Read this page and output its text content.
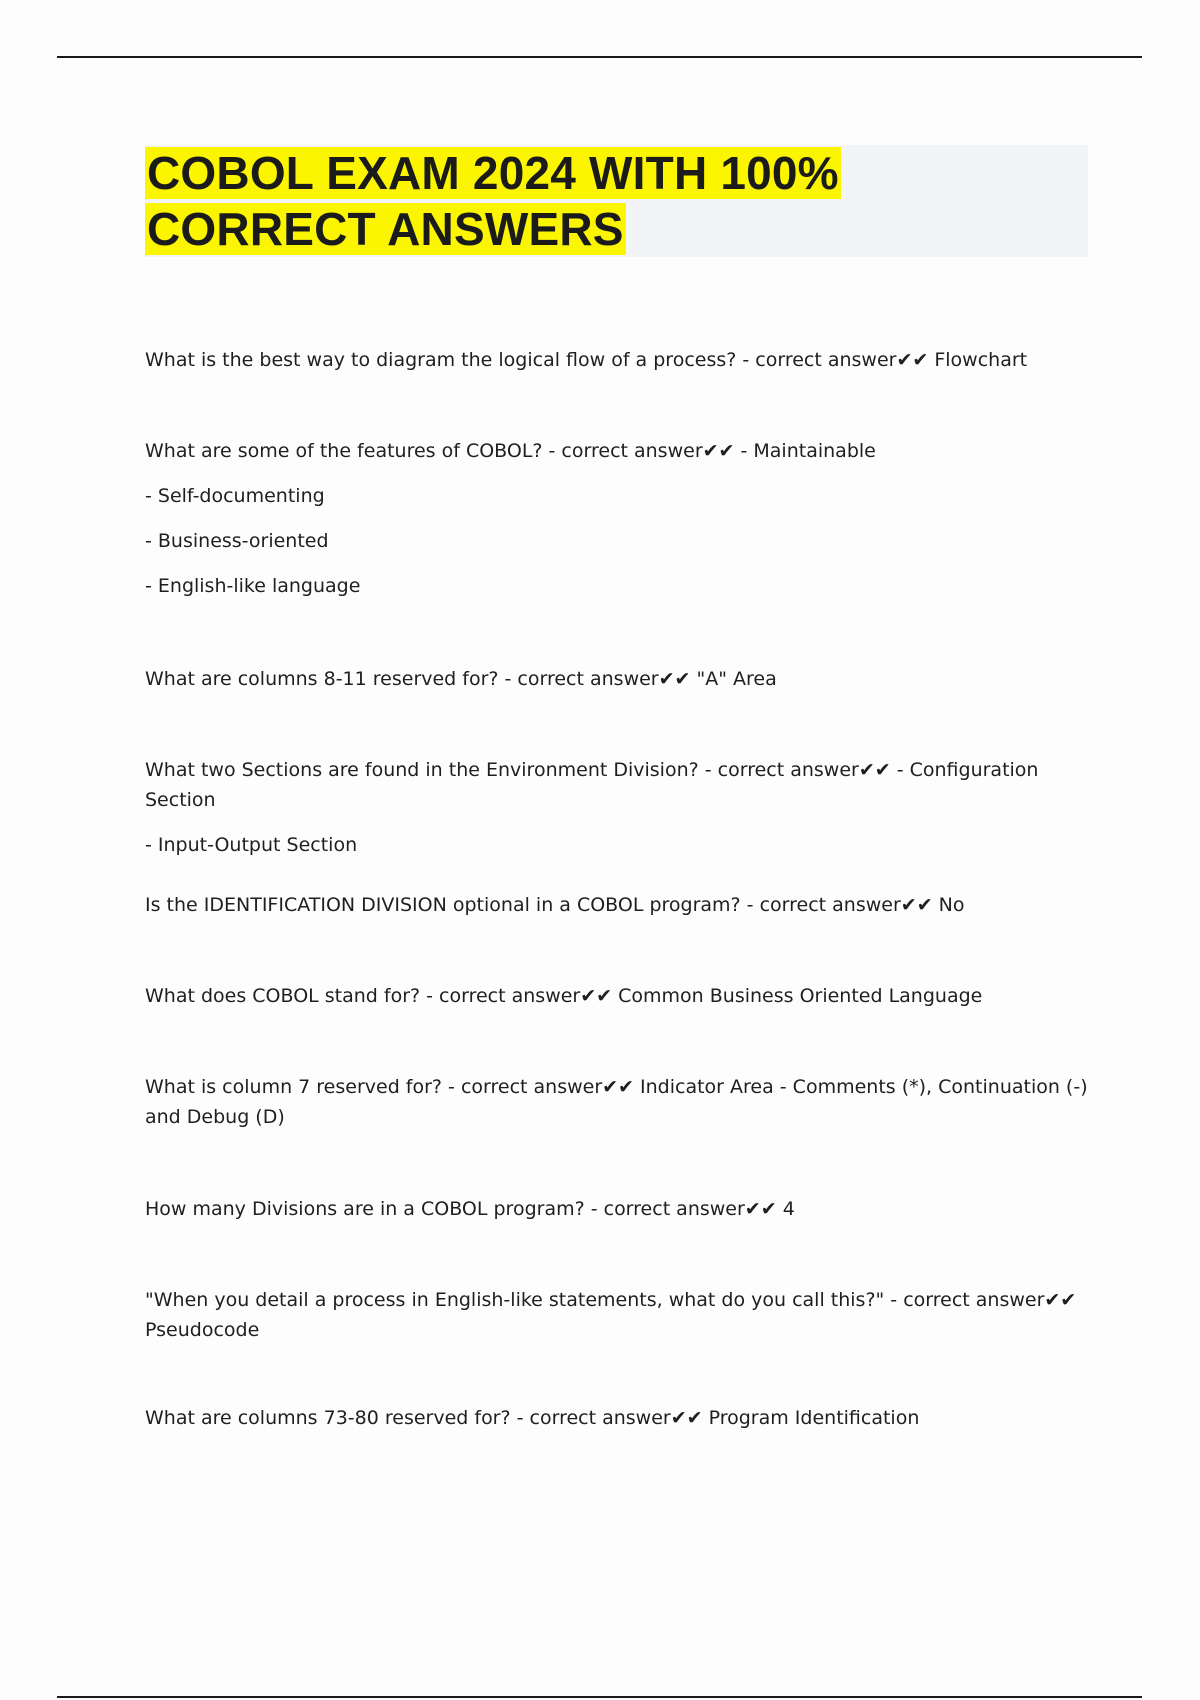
COBOL EXAM 2024 WITH 100%
CORRECT ANSWERS

What is the best way to diagram the logical flow of a process? - correct answer✔✔ Flowchart

What are some of the features of COBOL? - correct answer✔✔ - Maintainable

- Self-documenting

- Business-oriented

- English-like language

What are columns 8-11 reserved for? - correct answer✔✔ "A" Area

What two Sections are found in the Environment Division? - correct answer✔✔ - Configuration Section

- Input-Output Section

Is the IDENTIFICATION DIVISION optional in a COBOL program? - correct answer✔✔ No

What does COBOL stand for? - correct answer✔✔ Common Business Oriented Language

What is column 7 reserved for? - correct answer✔✔ Indicator Area - Comments (*), Continuation (-) and Debug (D)

How many Divisions are in a COBOL program? - correct answer✔✔ 4

"When you detail a process in English-like statements, what do you call this?" - correct answer✔✔ Pseudocode

What are columns 73-80 reserved for? - correct answer✔✔ Program Identification
